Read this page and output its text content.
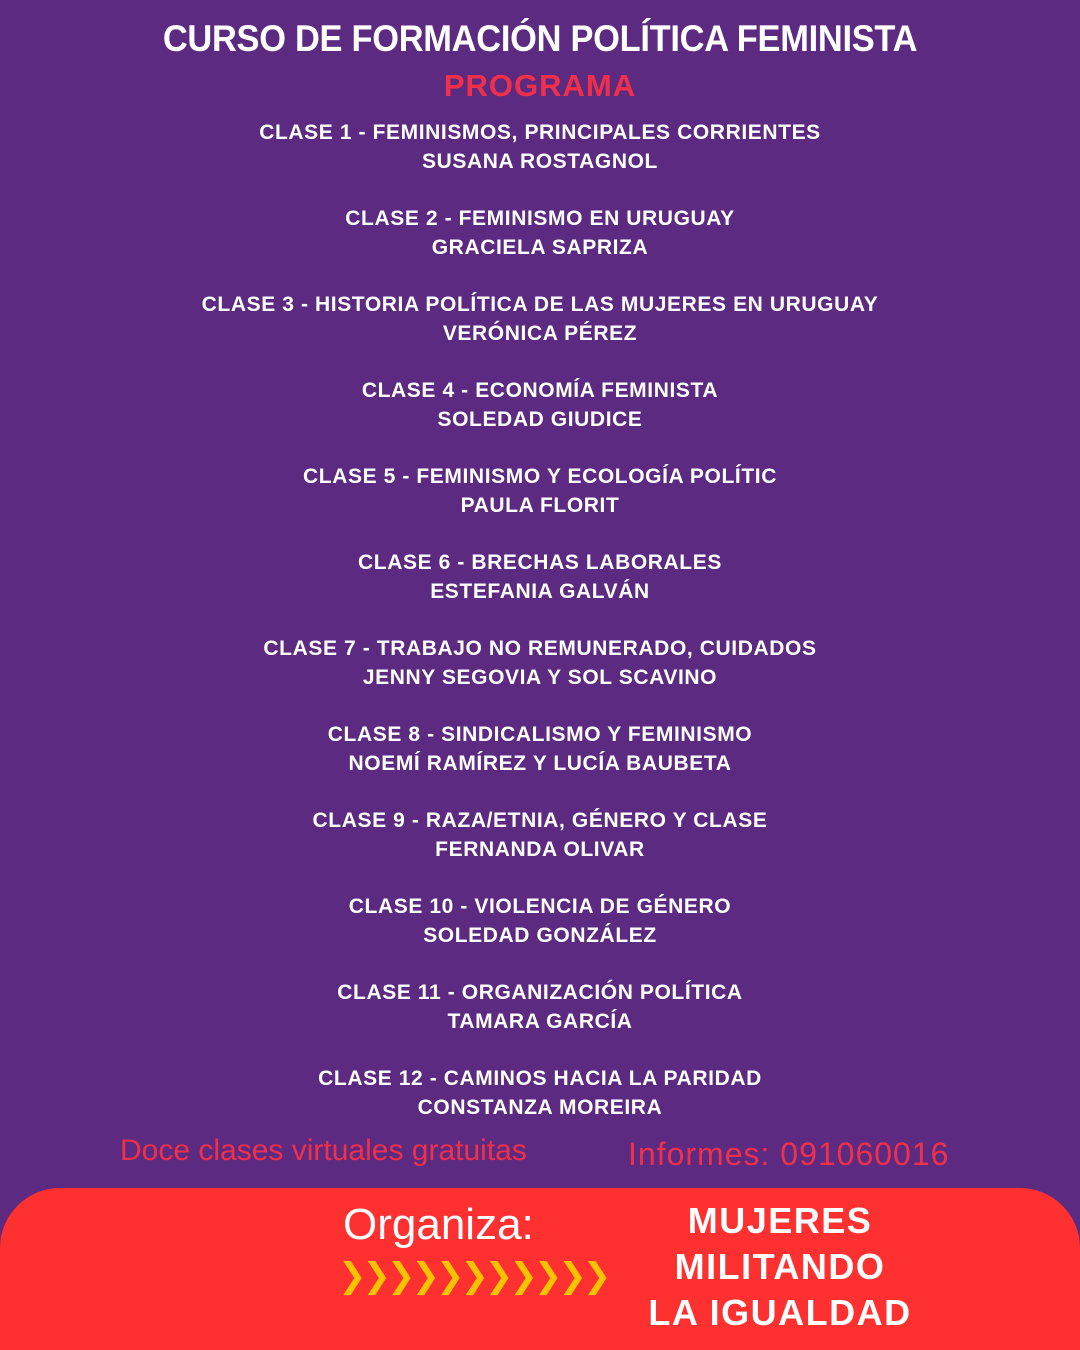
CURSO DE FORMACIÓN POLÍTICA FEMINISTA
PROGRAMA
CLASE 1 - FEMINISMOS, PRINCIPALES CORRIENTES
SUSANA ROSTAGNOL
CLASE 2 - FEMINISMO EN URUGUAY
GRACIELA SAPRIZA
CLASE 3 - HISTORIA POLÍTICA DE LAS MUJERES EN URUGUAY
VERÓNICA PÉREZ
CLASE 4 - ECONOMÍA FEMINISTA
SOLEDAD GIUDICE
CLASE 5 - FEMINISMO Y ECOLOGÍA POLÍTIC
PAULA FLORIT
CLASE 6 - BRECHAS LABORALES
ESTEFANIA GALVÁN
CLASE 7 - TRABAJO NO REMUNERADO, CUIDADOS
JENNY SEGOVIA Y SOL SCAVINO
CLASE 8 - SINDICALISMO Y FEMINISMO
NOEMÍ RAMÍREZ Y LUCÍA BAUBETA
CLASE 9 - RAZA/ETNIA, GÉNERO Y CLASE
FERNANDA OLIVAR
CLASE 10 - VIOLENCIA DE GÉNERO
SOLEDAD GONZÁLEZ
CLASE 11 - ORGANIZACIÓN POLÍTICA
TAMARA GARCÍA
CLASE 12 - CAMINOS HACIA LA PARIDAD
CONSTANZA MOREIRA
Doce clases virtuales gratuitas	Informes: 091060016
Organiza:
❯❯❯❯❯❯❯❯❯❯❯
MUJERES
MILITANDO
LA IGUALDAD
